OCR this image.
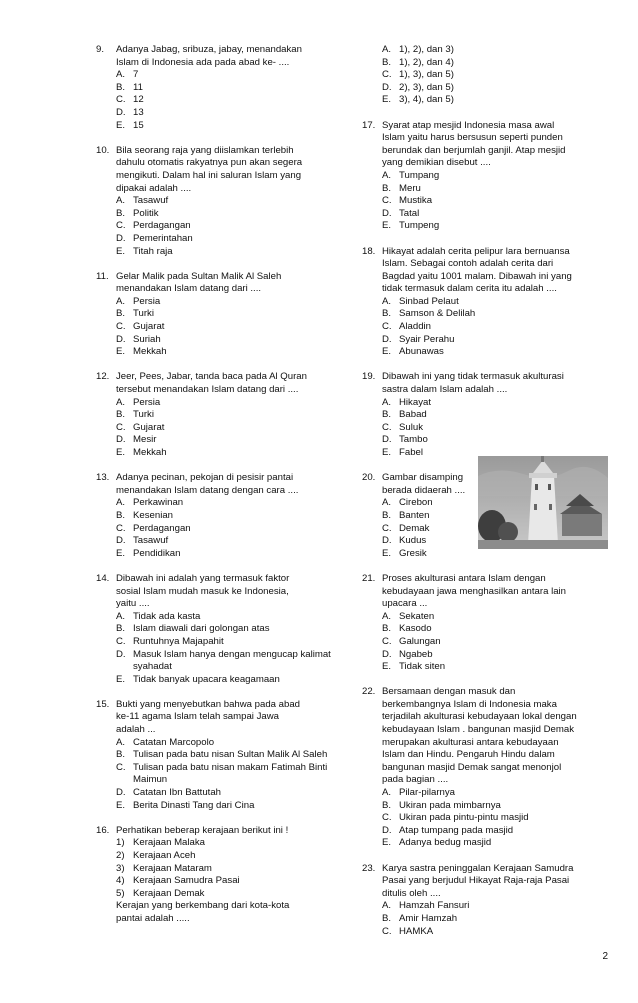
9.	Adanya Jabag, sribuza, jabay, menandakan
Islam di Indonesia ada pada abad ke- ....
A. 7
B. 11
C. 12
D. 13
E. 15
10. Bila seorang raja yang diislamkan terlebih
dahulu otomatis rakyatnya pun akan segera
mengikuti. Dalam hal ini saluran Islam yang
dipakai adalah ....
A. Tasawuf
B. Politik
C. Perdagangan
D. Pemerintahan
E. Titah raja
11. Gelar Malik pada Sultan Malik Al Saleh
menandakan Islam datang dari ....
A. Persia
B. Turki
C. Gujarat
D. Suriah
E. Mekkah
12. Jeer, Pees, Jabar, tanda baca pada Al Quran
tersebut menandakan Islam datang dari ....
A. Persia
B. Turki
C. Gujarat
D. Mesir
E. Mekkah
13. Adanya pecinan, pekojan di pesisir pantai
menandakan Islam datang dengan cara ....
A. Perkawinan
B. Kesenian
C. Perdagangan
D. Tasawuf
E. Pendidikan
14. Dibawah ini adalah yang termasuk faktor
sosial Islam mudah masuk ke Indonesia,
yaitu ....
A. Tidak ada kasta
B. Islam diawali dari golongan atas
C. Runtuhnya Majapahit
D. Masuk Islam hanya dengan mengucap kalimat syahadat
E. Tidak banyak upacara keagamaan
15. Bukti yang menyebutkan bahwa pada abad
ke-11 agama Islam telah sampai Jawa
adalah ...
A. Catatan Marcopolo
B. Tulisan pada batu nisan Sultan Malik Al Saleh
C. Tulisan pada batu nisan makam Fatimah Binti Maimun
D. Catatan Ibn Battutah
E. Berita Dinasti Tang dari Cina
16. Perhatikan beberap kerajaan berikut ini !
1) Kerajaan Malaka
2) Kerajaan Aceh
3) Kerajaan Mataram
4) Kerajaan Samudra Pasai
5) Kerajaan Demak
Kerajan yang berkembang dari kota-kota
pantai adalah .....
A. 1), 2), dan 3)
B. 1), 2), dan 4)
C. 1), 3), dan 5)
D. 2), 3), dan 5)
E. 3), 4), dan 5)
17. Syarat atap mesjid Indonesia masa awal
Islam yaitu harus bersusun seperti punden
berundak dan berjumlah ganjil. Atap mesjid
yang demikian disebut ....
A. Tumpang
B. Meru
C. Mustika
D. Tatal
E. Tumpeng
18. Hikayat adalah cerita pelipur lara bernuansa
Islam. Sebagai contoh adalah cerita dari
Bagdad yaitu 1001 malam. Dibawah ini yang
tidak termasuk dalam cerita itu adalah ....
A. Sinbad Pelaut
B. Samson & Delilah
C. Aladdin
D. Syair Perahu
E. Abunawas
19. Dibawah ini yang tidak termasuk akulturasi
sastra dalam Islam adalah ....
A. Hikayat
B. Babad
C. Suluk
D. Tambo
E. Fabel
20. Gambar disamping
berada didaerah ....
A. Cirebon
B. Banten
C. Demak
D. Kudus
E. Gresik
21. Proses akulturasi antara Islam dengan
kebudayaan jawa menghasilkan antara lain
upacara ...
A. Sekaten
B. Kasodo
C. Galungan
D. Ngabeb
E. Tidak siten
22. Bersamaan dengan masuk dan
berkembangnya Islam di Indonesia maka
terjadilah akulturasi kebudayaan lokal dengan
kebudayaan Islam . bangunan masjid Demak
merupakan akulturasi antara kebudayaan
Islam dan Hindu. Pengaruh Hindu dalam
bangunan masjid Demak sangat menonjol
pada bagian ....
A. Pilar-pilarnya
B. Ukiran pada mimbarnya
C. Ukiran pada pintu-pintu masjid
D. Atap tumpang pada masjid
E. Adanya bedug masjid
23. Karya sastra peninggalan Kerajaan Samudra
Pasai yang berjudul Hikayat Raja-raja Pasai
ditulis oleh ....
A. Hamzah Fansuri
B. Amir Hamzah
C. HAMKA
2
